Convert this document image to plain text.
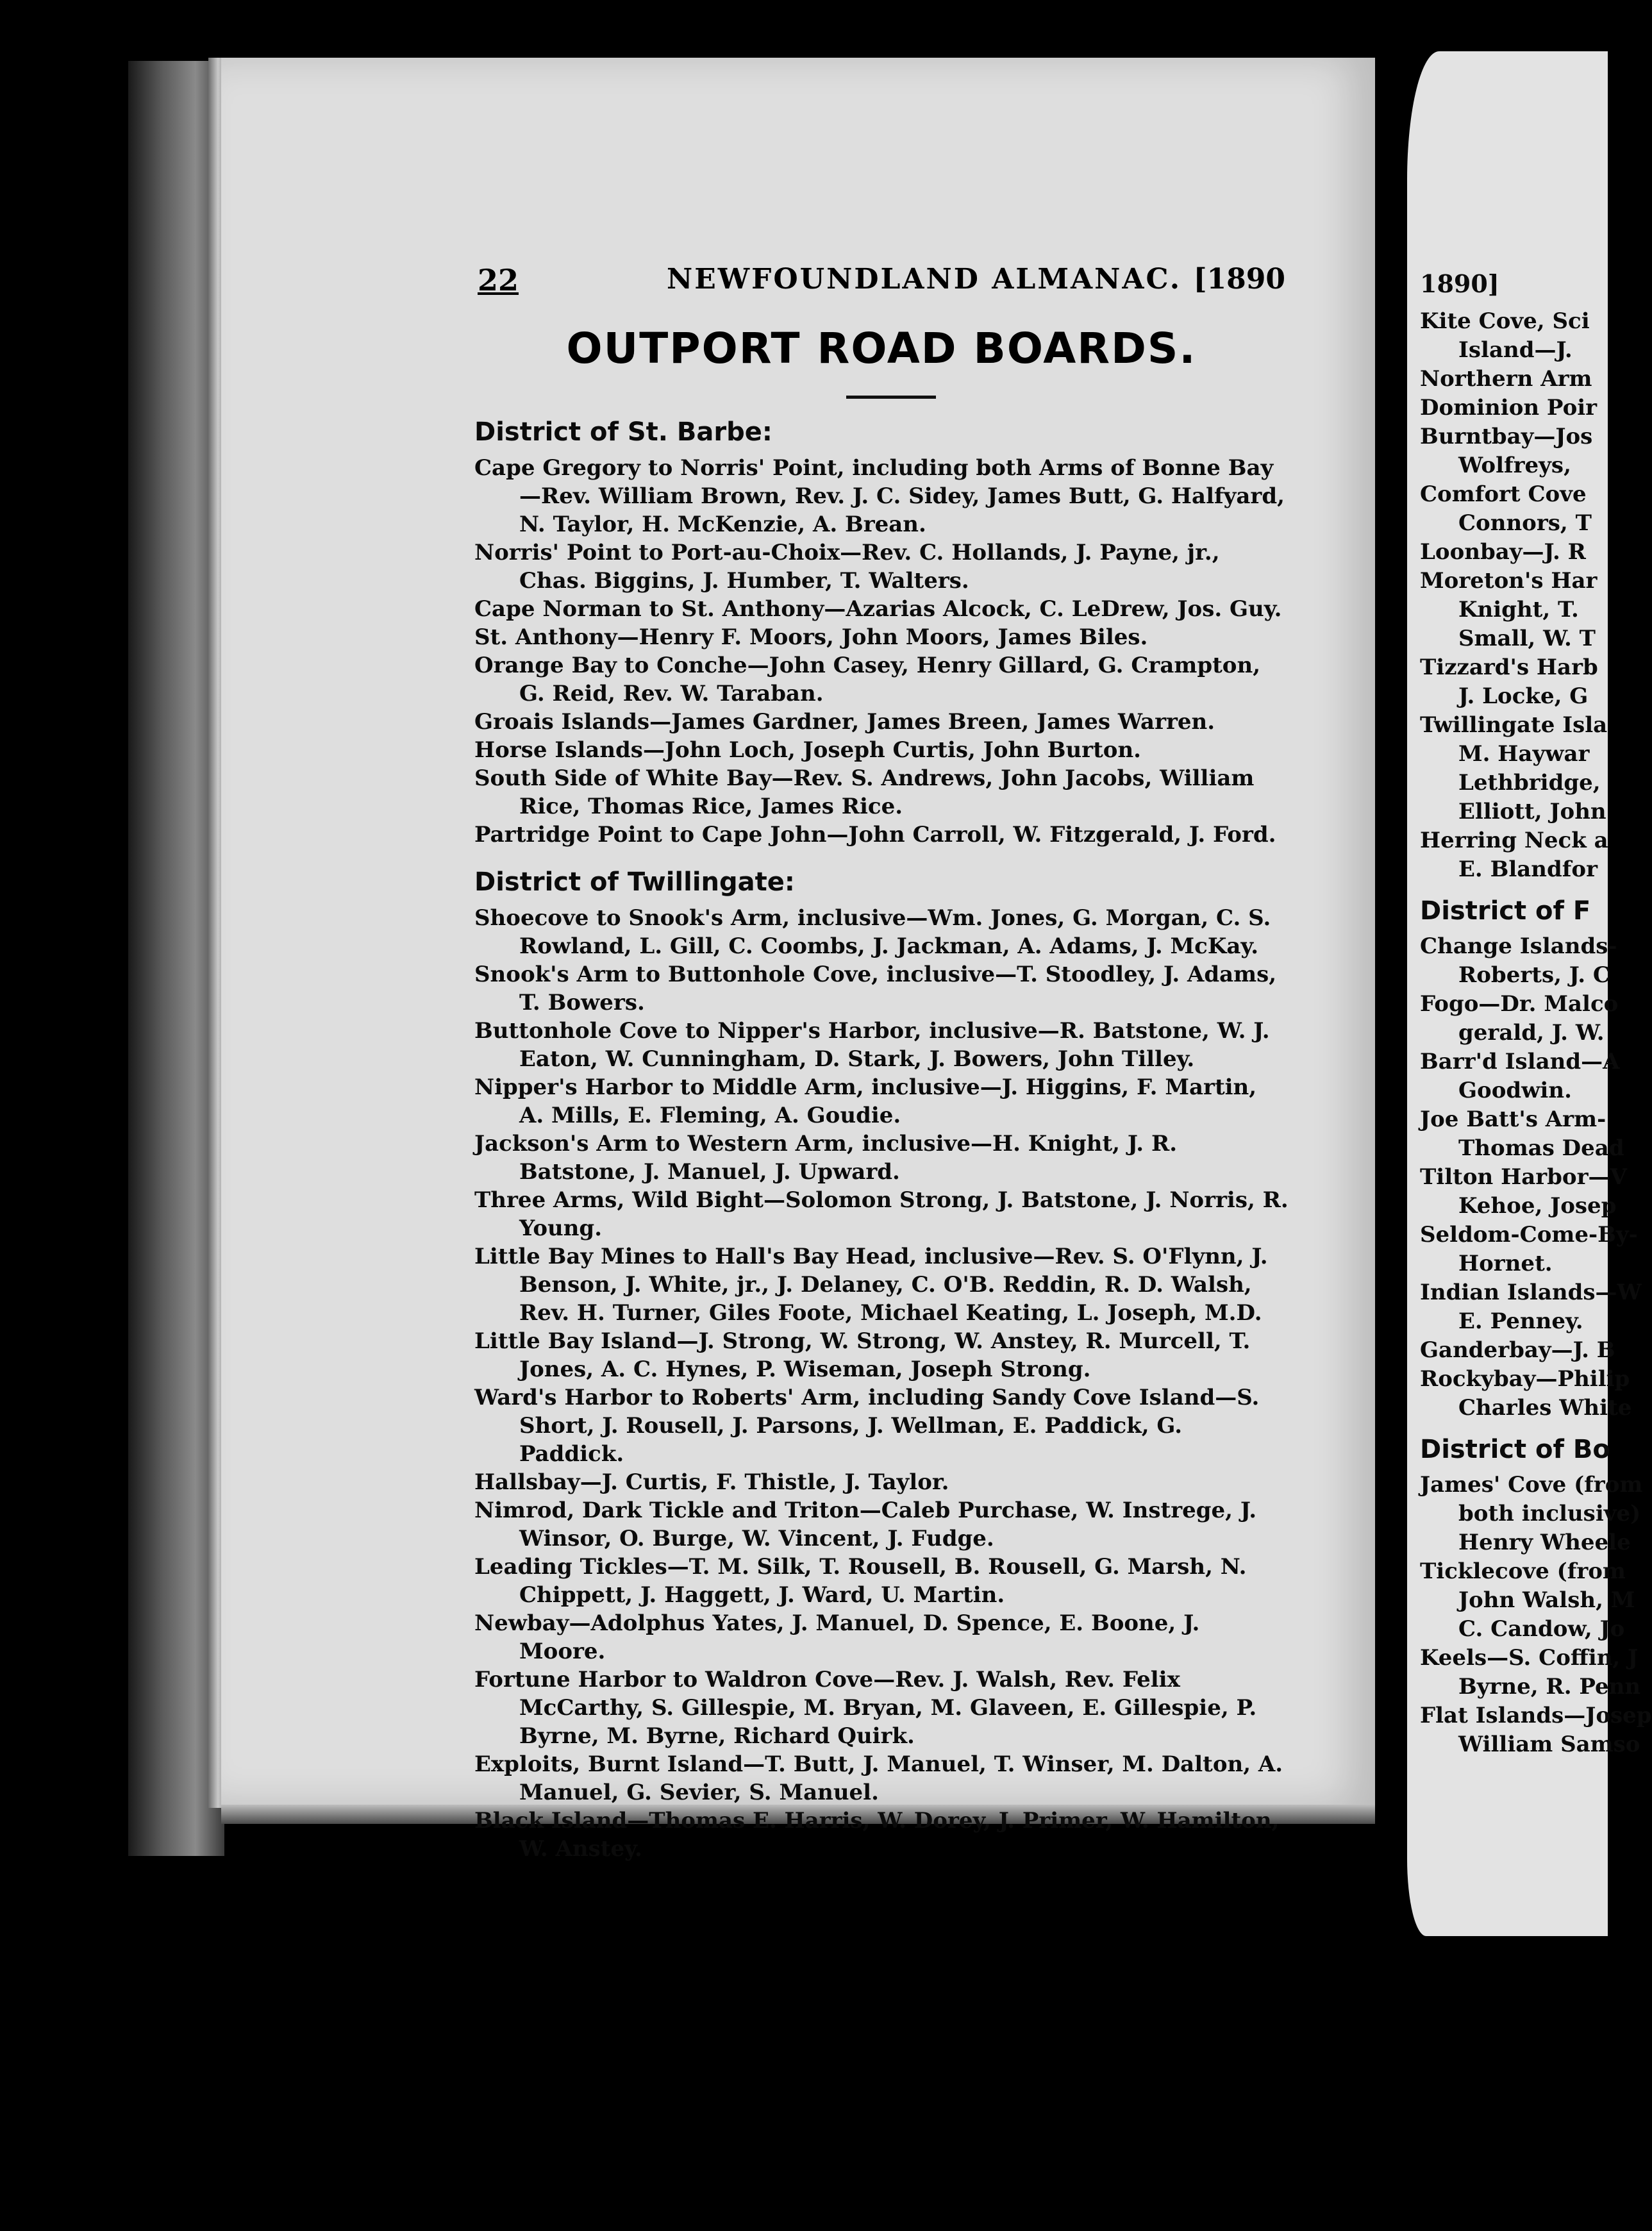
22	NEWFOUNDLAND ALMANAC. [1890
OUTPORT ROAD BOARDS.
District of St. Barbe:
Cape Gregory to Norris' Point, including both Arms of Bonne Bay—Rev. William Brown, Rev. J. C. Sidey, James Butt, G. Halfyard, N. Taylor, H. McKenzie, A. Brean.
Norris' Point to Port-au-Choix—Rev. C. Hollands, J. Payne, jr., Chas. Biggins, J. Humber, T. Walters.
Cape Norman to St. Anthony—Azarias Alcock, C. LeDrew, Jos. Guy.
St. Anthony—Henry F. Moors, John Moors, James Biles.
Orange Bay to Conche—John Casey, Henry Gillard, G. Crampton, G. Reid, Rev. W. Taraban.
Groais Islands—James Gardner, James Breen, James Warren.
Horse Islands—John Loch, Joseph Curtis, John Burton.
South Side of White Bay—Rev. S. Andrews, John Jacobs, William Rice, Thomas Rice, James Rice.
Partridge Point to Cape John—John Carroll, W. Fitzgerald, J. Ford.
District of Twillingate:
Shoecove to Snook's Arm, inclusive—Wm. Jones, G. Morgan, C. S. Rowland, L. Gill, C. Coombs, J. Jackman, A. Adams, J. McKay.
Snook's Arm to Buttonhole Cove, inclusive—T. Stoodley, J. Adams, T. Bowers.
Buttonhole Cove to Nipper's Harbor, inclusive—R. Batstone, W. J. Eaton, W. Cunningham, D. Stark, J. Bowers, John Tilley.
Nipper's Harbor to Middle Arm, inclusive—J. Higgins, F. Martin, A. Mills, E. Fleming, A. Goudie.
Jackson's Arm to Western Arm, inclusive—H. Knight, J. R. Batstone, J. Manuel, J. Upward.
Three Arms, Wild Bight—Solomon Strong, J. Batstone, J. Norris, R. Young.
Little Bay Mines to Hall's Bay Head, inclusive—Rev. S. O'Flynn, J. Benson, J. White, jr., J. Delaney, C. O'B. Reddin, R. D. Walsh, Rev. H. Turner, Giles Foote, Michael Keating, L. Joseph, M.D.
Little Bay Island—J. Strong, W. Strong, W. Anstey, R. Murcell, T. Jones, A. C. Hynes, P. Wiseman, Joseph Strong.
Ward's Harbor to Roberts' Arm, including Sandy Cove Island—S. Short, J. Rousell, J. Parsons, J. Wellman, E. Paddick, G. Paddick.
Hallsbay—J. Curtis, F. Thistle, J. Taylor.
Nimrod, Dark Tickle and Triton—Caleb Purchase, W. Instrege, J. Winsor, O. Burge, W. Vincent, J. Fudge.
Leading Tickles—T. M. Silk, T. Rousell, B. Rousell, G. Marsh, N. Chippett, J. Haggett, J. Ward, U. Martin.
Newbay—Adolphus Yates, J. Manuel, D. Spence, E. Boone, J. Moore.
Fortune Harbor to Waldron Cove—Rev. J. Walsh, Rev. Felix McCarthy, S. Gillespie, M. Bryan, M. Glaveen, E. Gillespie, P. Byrne, M. Byrne, Richard Quirk.
Exploits, Burnt Island—T. Butt, J. Manuel, T. Winser, M. Dalton, A. Manuel, G. Sevier, S. Manuel.
Black Island—Thomas E. Harris, W. Dorey, J. Primer, W. Hamilton, W. Anstey.
1890]
Kite Cove, Sci
Island—J.
Northern Arm
Dominion Poir
Burntbay—Jos
Wolfreys,
Comfort Cove
Connors, T
Loonbay—J. R
Moreton's Har
Knight, T.
Small, W. T
Tizzard's Harb
J. Locke, G
Twillingate Isla
M. Haywar
Lethbridge,
Elliott, John
Herring Neck a
E. Blandfor
District of F
Change Islands-
Roberts, J. C
Fogo—Dr. Malco
gerald, J. W.
Barr'd Island—A
Goodwin.
Joe Batt's Arm-
Thomas Dead
Tilton Harbor—V
Kehoe, Josep
Seldom-Come-By-
Hornet.
Indian Islands—W
E. Penney.
Ganderbay—J. B
Rockybay—Philip
Charles White
District of Bo
James' Cove (from
both inclusive)
Henry Wheele
Ticklecove (from
John Walsh, M
C. Candow, Jo
Keels—S. Coffin, J
Byrne, R. Penn
Flat Islands—Josep
William Samso
